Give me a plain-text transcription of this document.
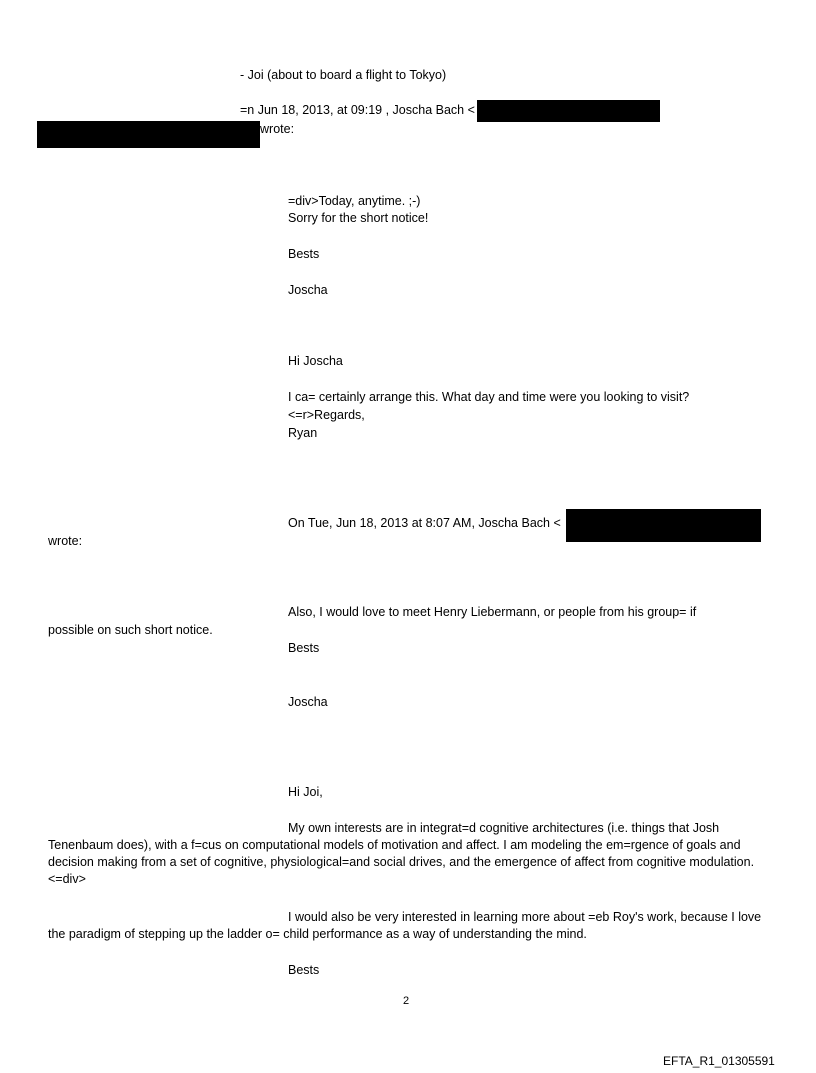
- Joi (about to board a flight to Tokyo)
=n Jun 18, 2013, at 09:19 , Joscha Bach <
wrote:
=div>Today, anytime. ;-)
Sorry for the short notice!
Bests
Joscha
Hi Joscha
I ca= certainly arrange this. What day and time were you looking to visit?
<=r>Regards,
Ryan
On Tue, Jun 18, 2013 at 8:07 AM, Joscha Bach <
wrote:
Also, I would love to meet Henry Liebermann, or people from his group= if
possible on such short notice.
Bests
Joscha
Hi Joi,
My own interests are in integrat=d cognitive architectures (i.e. things that Josh Tenenbaum does), with a f=cus on computational models of motivation and affect. I am modeling the em=rgence of goals and decision making from a set of cognitive, physiological=and social drives, and the emergence of affect from cognitive modulation.<=div>
I would also be very interested in learning more about =eb Roy's work, because I love the paradigm of stepping up the ladder o= child performance as a way of understanding the mind.
Bests
2
EFTA_R1_01305591
